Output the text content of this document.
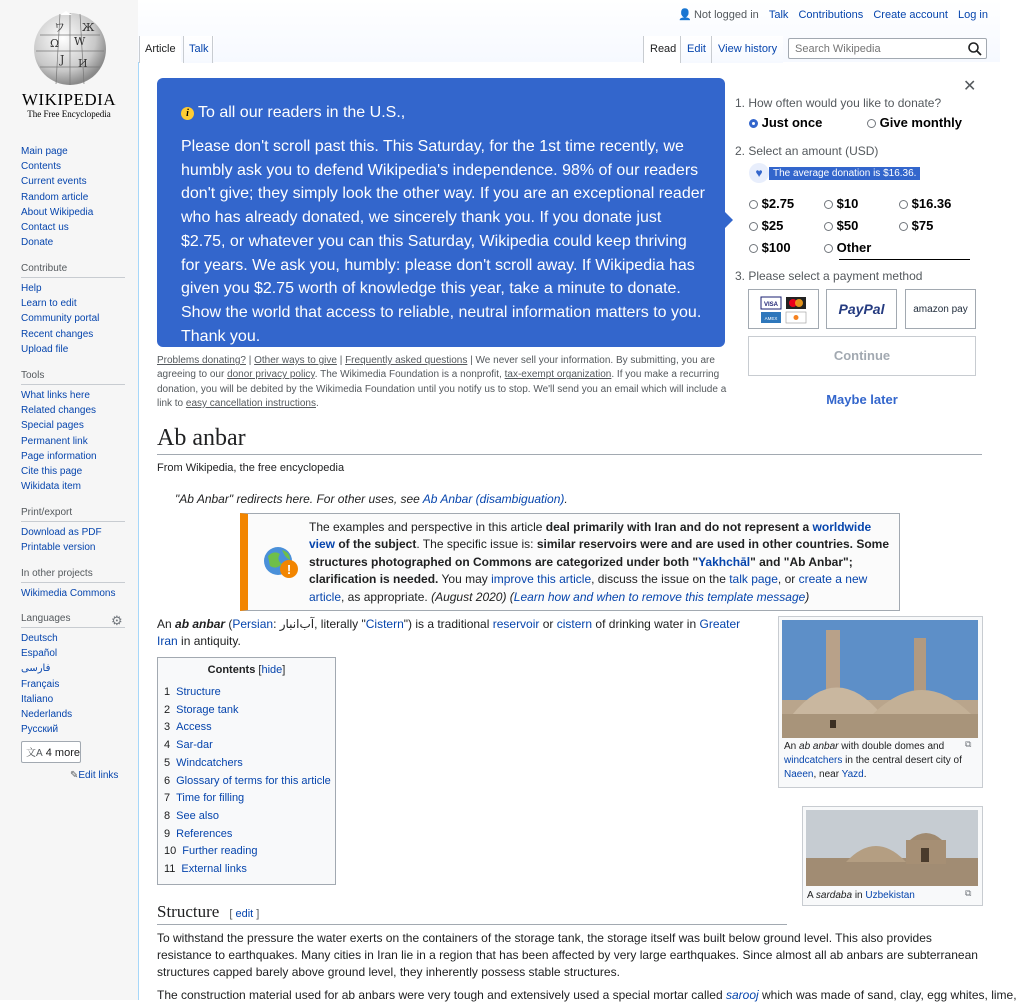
Ω W
J И
ワ Ж
WIKIPEDIA
The Free Encyclopedia
Main page
Contents
Current events
Random article
About Wikipedia
Contact us
Donate
Contribute
Help
Learn to edit
Community portal
Recent changes
Upload file
Tools
What links here
Related changes
Special pages
Permanent link
Page information
Cite this page
Wikidata item
Print/export
Download as PDF
Printable version
In other projects
Wikimedia Commons
Languages
Deutsch
Español
فارسی
Français
Italiano
Nederlands
Русский
⚙
文A 4 more
✎Edit links
👤 Not logged in Talk Contributions Create account Log in
Article	Talk	Read Edit	View history
Search Wikipedia
i To all our readers in the U.S.,
Please don't scroll past this. This Saturday, for the 1st time recently, we humbly ask you to defend Wikipedia's independence. 98% of our readers don't give; they simply look the other way. If you are an exceptional reader who has already donated, we sincerely thank you. If you donate just $2.75, or whatever you can this Saturday, Wikipedia could keep thriving for years. We ask you, humbly: please don't scroll away. If Wikipedia has given you $2.75 worth of knowledge this year, take a minute to donate. Show the world that access to reliable, neutral information matters to you. Thank you.
✕
1. How often would you like to donate?
Just once	Give monthly
2. Select an amount (USD)
♥ The average donation is $16.36.
$2.75	$10	$16.36
$25	$50	$75
$100	Other
3. Please select a payment method
VISA
AMEX
PayPal	amazon pay
Continue
Maybe later
Problems donating? | Other ways to give | Frequently asked questions | We never sell your information. By submitting, you are agreeing to our donor privacy policy. The Wikimedia Foundation is a nonprofit, tax-exempt organization. If you make a recurring donation, you will be debited by the Wikimedia Foundation until you notify us to stop. We'll send you an email which will include a link to easy cancellation instructions.
Ab anbar
From Wikipedia, the free encyclopedia
"Ab Anbar" redirects here. For other uses, see Ab Anbar (disambiguation).
!
The examples and perspective in this article deal primarily with Iran and do not represent a worldwide view of the subject. The specific issue is: similar reservoirs were and are used in other countries. Some structures photographed on Commons are categorized under both "Yakhchāl" and "Ab Anbar"; clarification is needed. You may improve this article, discuss the issue on the talk page, or create a new article, as appropriate. (August 2020) (Learn how and when to remove this template message)

An ab anbar (Persian: آب‌انبار, literally "Cistern") is a traditional reservoir or cistern of drinking water in Greater Iran in antiquity.

Contents [hide]
1 Structure
2 Storage tank
3 Access
4 Sar-dar
5 Windcatchers
6 Glossary of terms for this article
7 Time for filling
8 See also
9 References
10 Further reading
11 External links
⧉
An ab anbar with double domes and windcatchers in the central desert city of Naeen, near Yazd.
⧉
A sardaba in Uzbekistan
Structure [ edit ]

To withstand the pressure the water exerts on the containers of the storage tank, the storage itself was built below ground level. This also provides resistance to earthquakes. Many cities in Iran lie in a region that has been affected by very large earthquakes. Since almost all ab anbars are subterranean structures capped barely above ground level, they inherently possess stable structures.

The construction material used for ab anbars were very tough and extensively used a special mortar called sarooj which was made of sand, clay, egg whites, lime,
